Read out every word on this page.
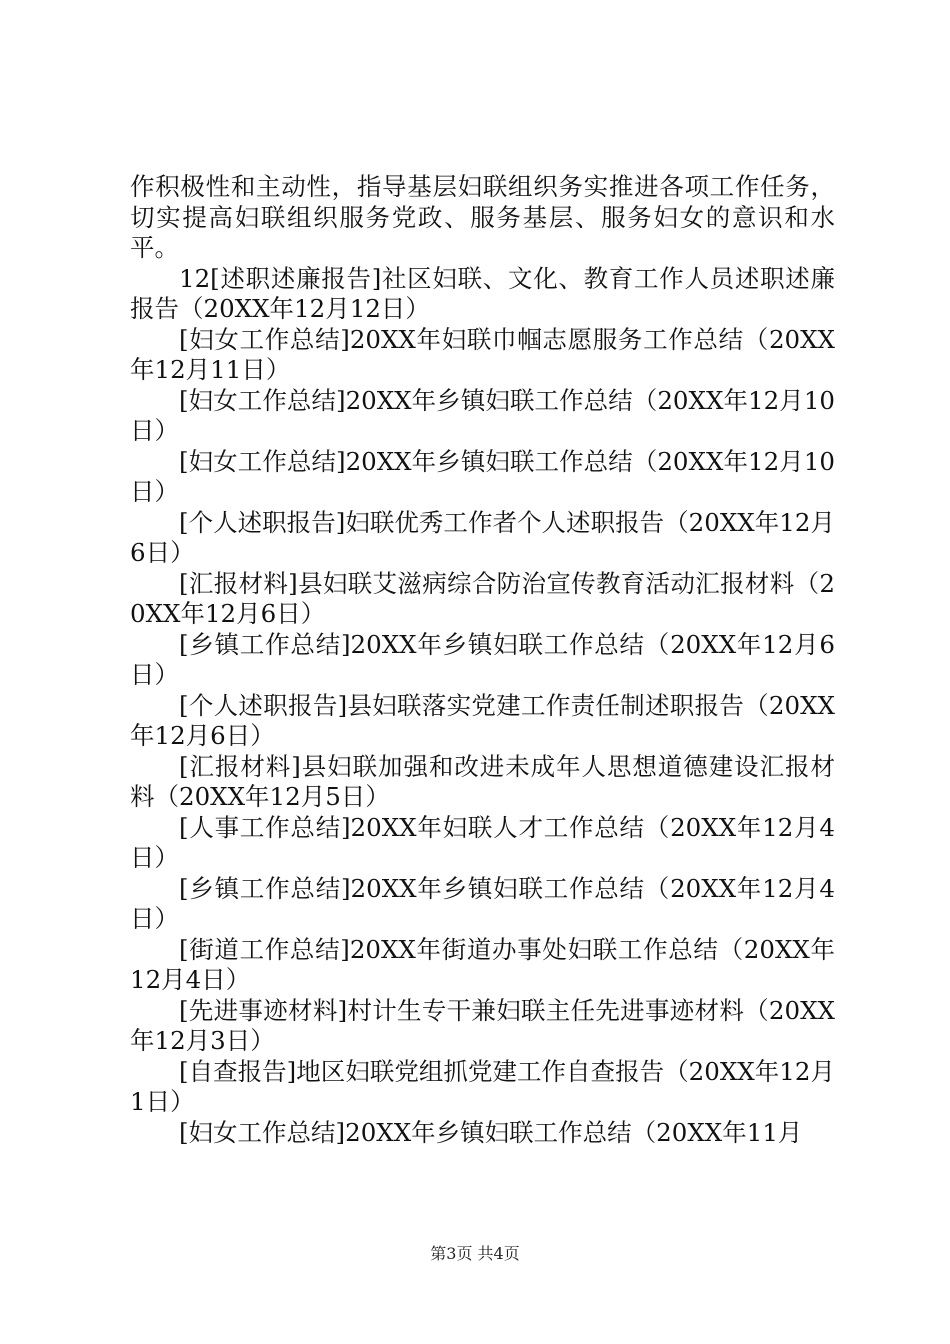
作积极性和主动性，指导基层妇联组织务实推进各项工作任务，切实提高妇联组织服务党政、服务基层、服务妇女的意识和水平。

12[述职述廉报告]社区妇联、文化、教育工作人员述职述廉报告（20XX年12月12日）

[妇女工作总结]20XX年妇联巾帼志愿服务工作总结（20XX年12月11日）

[妇女工作总结]20XX年乡镇妇联工作总结（20XX年12月10日）

[妇女工作总结]20XX年乡镇妇联工作总结（20XX年12月10日）

[个人述职报告]妇联优秀工作者个人述职报告（20XX年12月6日）

[汇报材料]县妇联艾滋病综合防治宣传教育活动汇报材料（20XX年12月6日）

[乡镇工作总结]20XX年乡镇妇联工作总结（20XX年12月6日）

[个人述职报告]县妇联落实党建工作责任制述职报告（20XX年12月6日）

[汇报材料]县妇联加强和改进未成年人思想道德建设汇报材料（20XX年12月5日）

[人事工作总结]20XX年妇联人才工作总结（20XX年12月4日）

[乡镇工作总结]20XX年乡镇妇联工作总结（20XX年12月4日）

[街道工作总结]20XX年街道办事处妇联工作总结（20XX年12月4日）

[先进事迹材料]村计生专干兼妇联主任先进事迹材料（20XX年12月3日）

[自查报告]地区妇联党组抓党建工作自查报告（20XX年12月1日）

[妇女工作总结]20XX年乡镇妇联工作总结（20XX年11月

第3页 共4页
